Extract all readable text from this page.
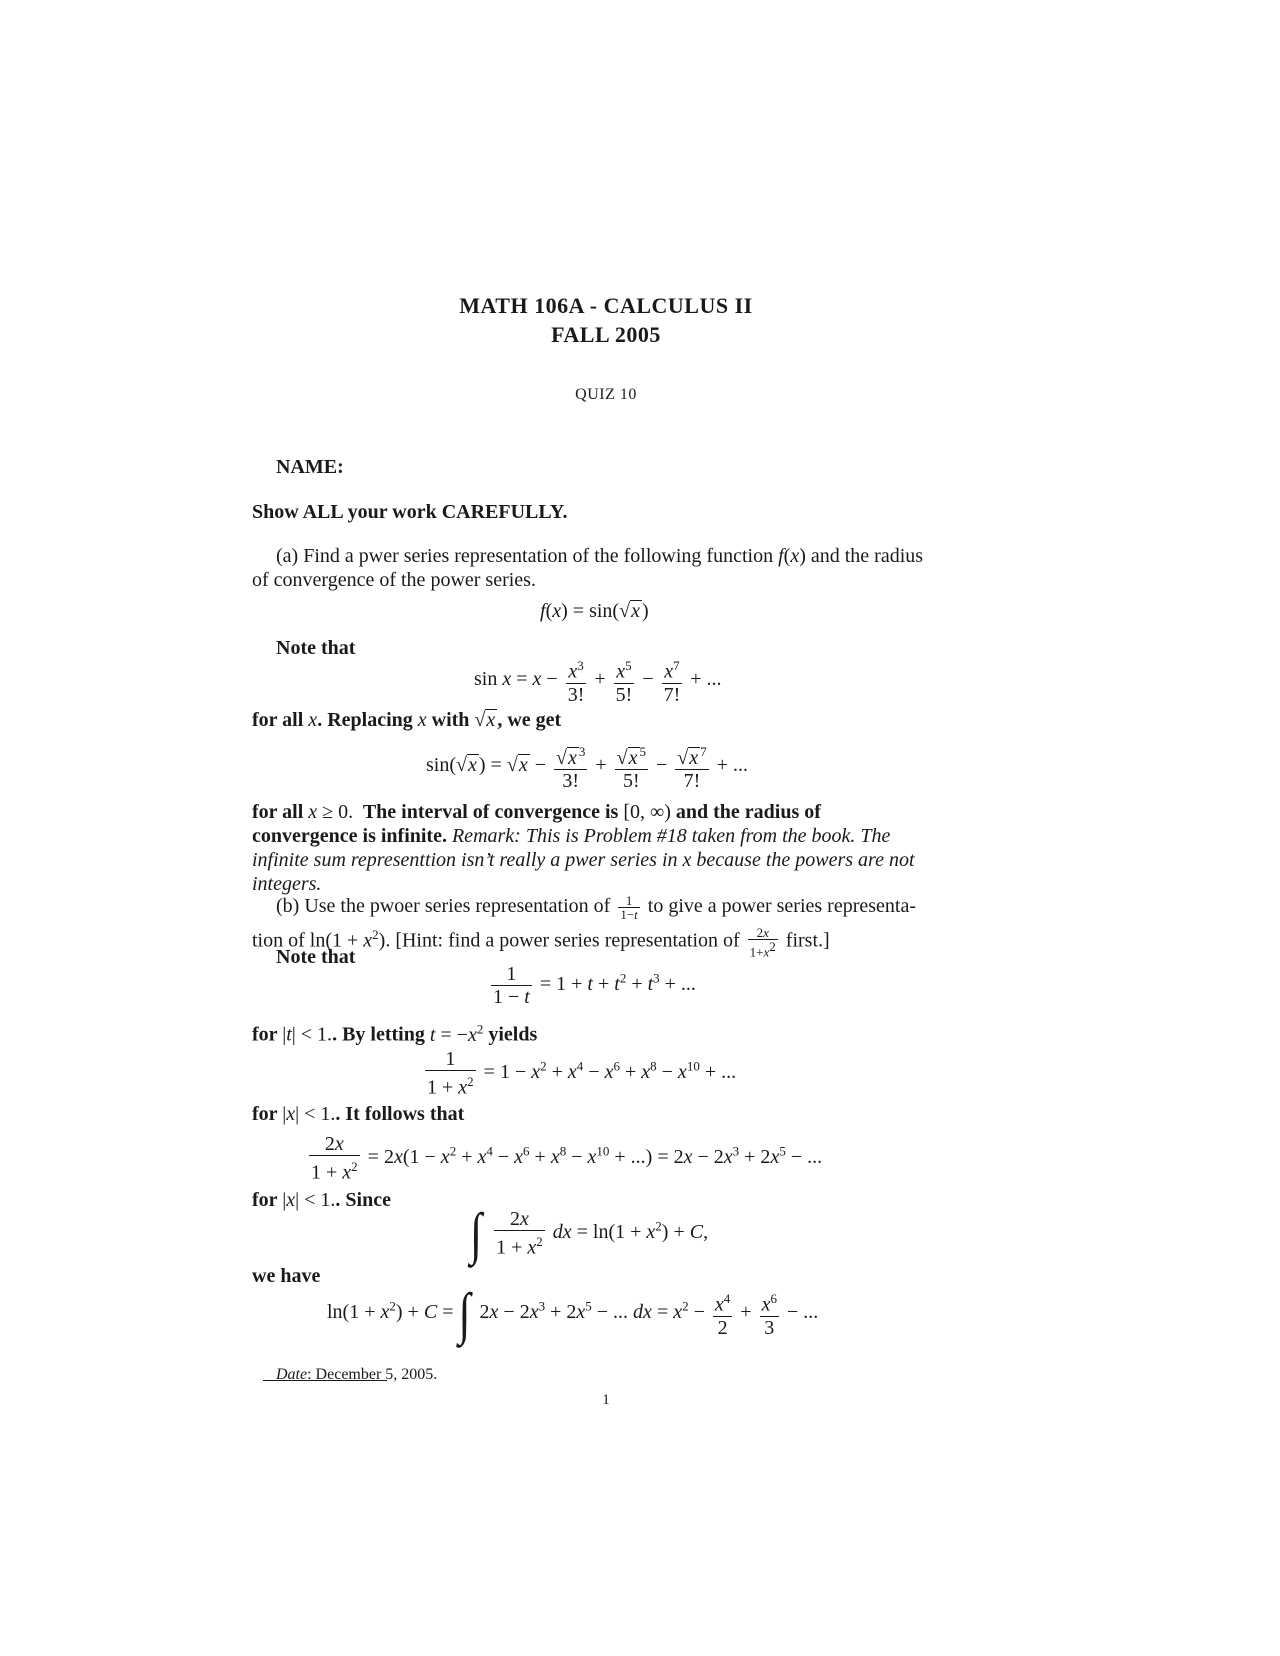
MATH 106A - CALCULUS II
FALL 2005
QUIZ 10
NAME:
Show ALL your work CAREFULLY.
(a) Find a pwer series representation of the following function f(x) and the radius
of convergence of the power series.
f(x) = sin(√x )
Note that
$\sin x = x - \frac{x^3}{3!} + \frac{x^5}{5!} - \frac{x^7}{7!}$ + ...
for all x. Replacing x with √x , we get
sin(√x ) = $√x - \frac{√x ^3}{3!} + \frac{√x ^5}{5!} - \frac{√x ^7}{7!}$ + ...
for all x ≥ 0. The interval of convergence is [0, ∞) and the radius of
convergence is infinite. Remark: This is Problem #18 taken from the book. The
infinite sum representtion isn’t really a pwer series in x because the powers are not
integers.
(b) Use the pwoer series representation of $\frac{1}{1-t}$ to give a power series representa-
tion of $\ln(1 + x^2)$. [Hint: find a power series representation of $\frac{2x}{1+x^2}$ first.]
Note that
$\frac{1}{1 - t} = 1 + t + t^2 + t^3$ + ...
for |t| < 1.. By letting $t = -x^2$ yields
$\frac{1}{1 + x^2} = 1 - x^2 + x^4 - x^6 + x^8 - x^{10}$ + ...
for |x| < 1.. It follows that
$\frac{2x}{1 + x^2} = 2x(1 - x^2 + x^4 - x^6 + x^8 - x^{10}$ + ...) = $2x - 2x^3 + 2x^5$ − ...
for |x| < 1.. Since
∫ $\frac{2x}{1 + x^2}$ dx = $\ln(1 + x^2) + C$,
we have
$\ln(1 + x^2) + C$ = ∫ $2x - 2x^3 + 2x^5$ − ... dx = $x^2 - \frac{x^4}{2} + \frac{x^6}{3}$ − ...
Date: December 5, 2005.
1
